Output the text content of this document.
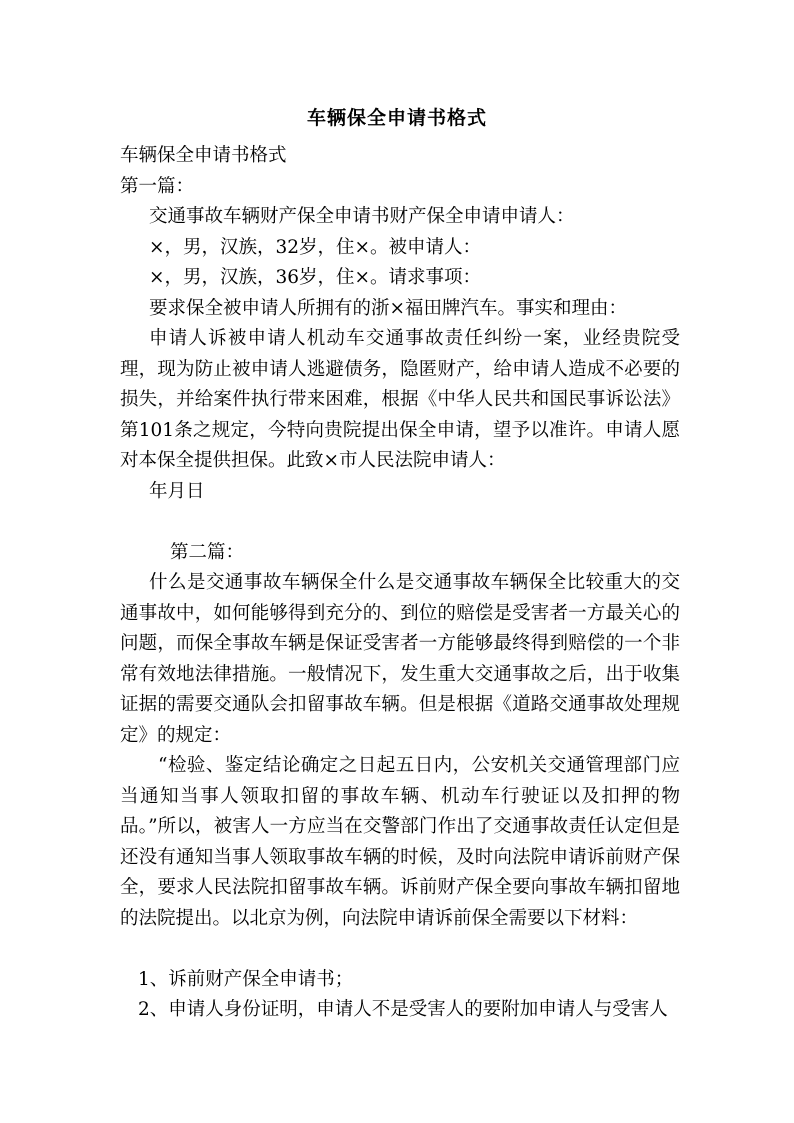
车辆保全申请书格式

车辆保全申请书格式

第一篇：

交通事故车辆财产保全申请书财产保全申请申请人：

×，男，汉族，32岁，住×。被申请人：

×，男，汉族，36岁，住×。请求事项：

要求保全被申请人所拥有的浙×福田牌汽车。事实和理由：

申请人诉被申请人机动车交通事故责任纠纷一案，业经贵院受理，现为防止被申请人逃避债务，隐匿财产，给申请人造成不必要的损失，并给案件执行带来困难，根据《中华人民共和国民事诉讼法》第101条之规定，今特向贵院提出保全申请，望予以准许。申请人愿对本保全提供担保。此致×市人民法院申请人：

年月日

第二篇：

什么是交通事故车辆保全什么是交通事故车辆保全比较重大的交通事故中，如何能够得到充分的、到位的赔偿是受害者一方最关心的问题，而保全事故车辆是保证受害者一方能够最终得到赔偿的一个非常有效地法律措施。一般情况下，发生重大交通事故之后，出于收集证据的需要交通队会扣留事故车辆。但是根据《道路交通事故处理规定》的规定：

“检验、鉴定结论确定之日起五日内，公安机关交通管理部门应当通知当事人领取扣留的事故车辆、机动车行驶证以及扣押的物品。”所以，被害人一方应当在交警部门作出了交通事故责任认定但是还没有通知当事人领取事故车辆的时候，及时向法院申请诉前财产保全，要求人民法院扣留事故车辆。诉前财产保全要向事故车辆扣留地的法院提出。以北京为例，向法院申请诉前保全需要以下材料：

1、诉前财产保全申请书；

2、申请人身份证明，申请人不是受害人的要附加申请人与受害人
